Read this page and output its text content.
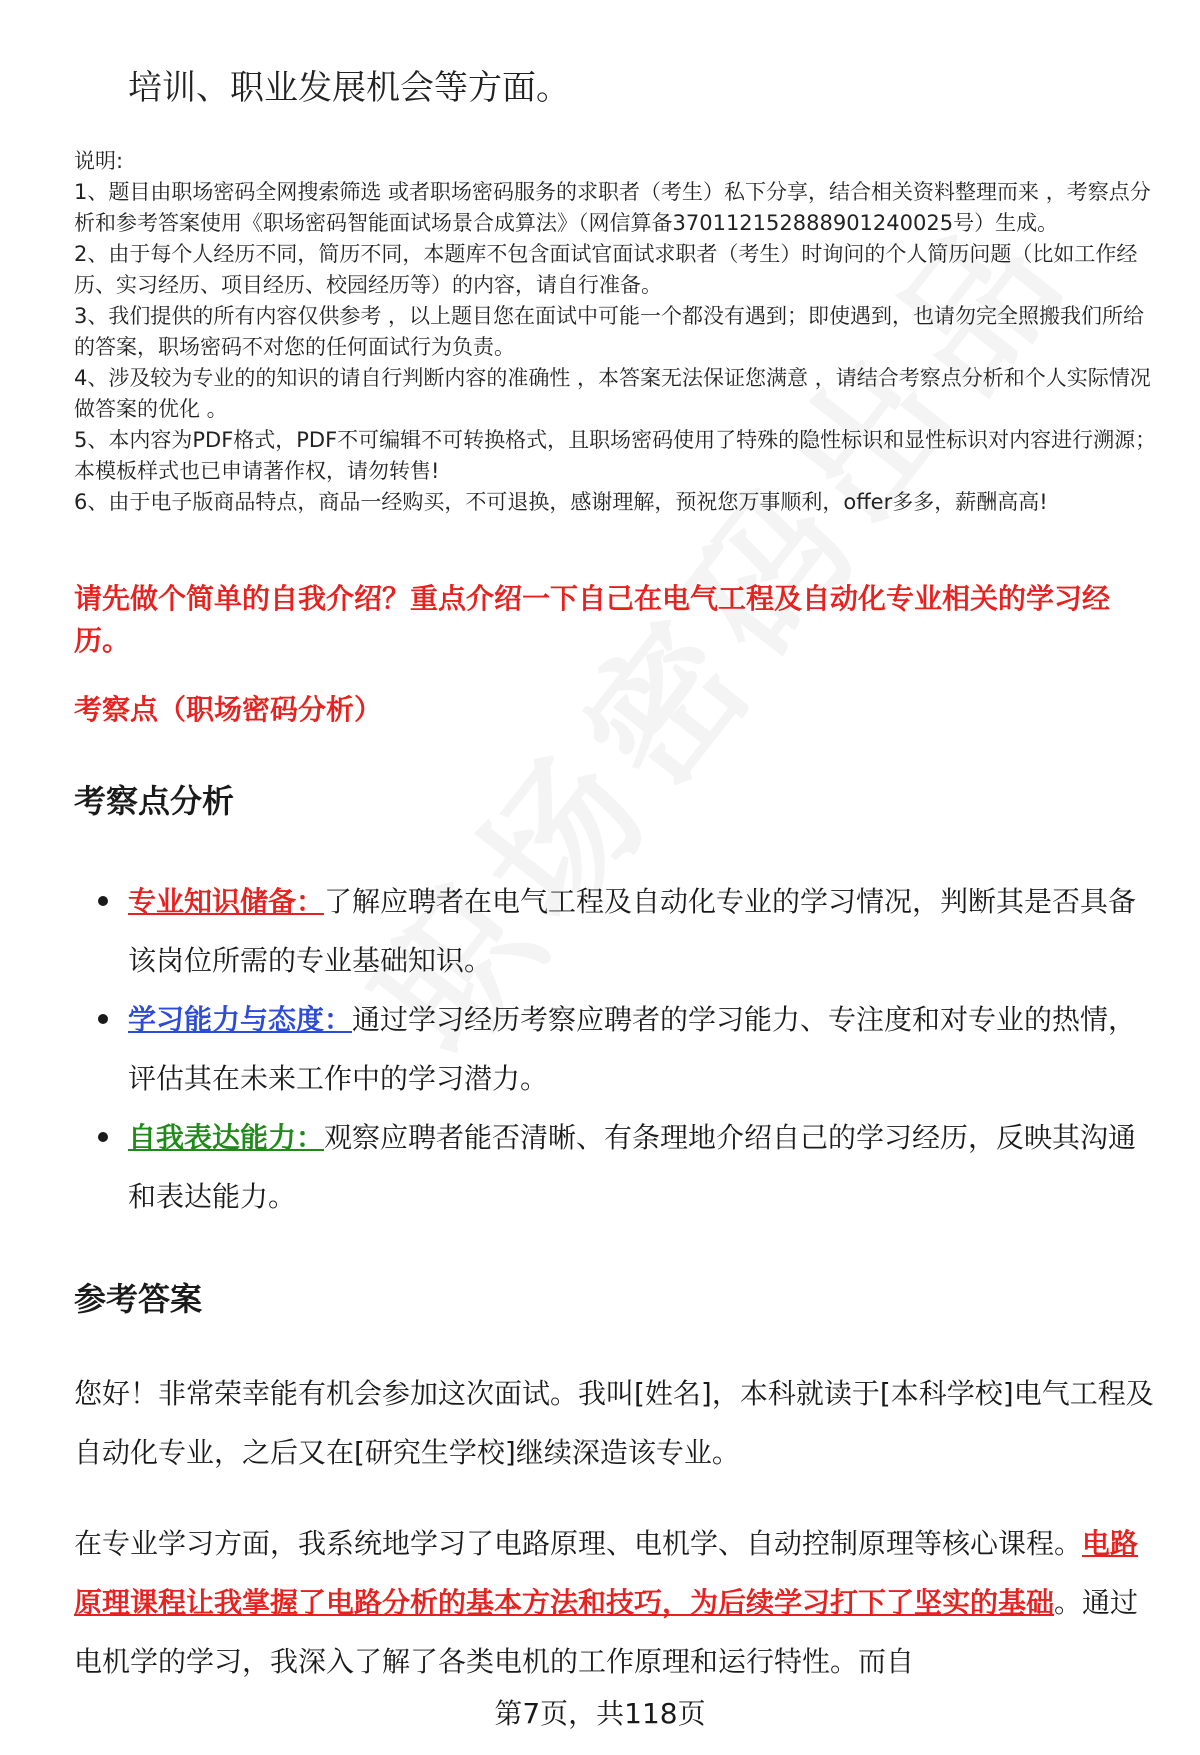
培训、职业发展机会等方面。

说明:

1、题目由职场密码全网搜索筛选 或者职场密码服务的求职者（考生）私下分享，结合相关资料整理而来 ，考察点分析和参考答案使用《职场密码智能面试场景合成算法》（网信算备370112152888901240025号）生成。

2、由于每个人经历不同，简历不同，本题库不包含面试官面试求职者（考生）时询问的个人简历问题（比如工作经历、实习经历、项目经历、校园经历等）的内容，请自行准备。

3、我们提供的所有内容仅供参考 ，以上题目您在面试中可能一个都没有遇到；即使遇到，也请勿完全照搬我们所给的答案，职场密码不对您的任何面试行为负责。

4、涉及较为专业的的知识的请自行判断内容的准确性 ，本答案无法保证您满意 ，请结合考察点分析和个人实际情况做答案的优化 。

5、本内容为PDF格式，PDF不可编辑不可转换格式，且职场密码使用了特殊的隐性标识和显性标识对内容进行溯源；本模板样式也已申请著作权，请勿转售!

6、由于电子版商品特点，商品一经购买，不可退换，感谢理解，预祝您万事顺利，offer多多，薪酬高高!

请先做个简单的自我介绍？重点介绍一下自己在电气工程及自动化专业相关的学习经历。
考察点（职场密码分析）
考察点分析
专业知识储备：了解应聘者在电气工程及自动化专业的学习情况，判断其是否具备该岗位所需的专业基础知识。
学习能力与态度：通过学习经历考察应聘者的学习能力、专注度和对专业的热情，评估其在未来工作中的学习潜力。
自我表达能力：观察应聘者能否清晰、有条理地介绍自己的学习经历，反映其沟通和表达能力。
参考答案
您好！非常荣幸能有机会参加这次面试。我叫[姓名]，本科就读于[本科学校]电气工程及自动化专业，之后又在[研究生学校]继续深造该专业。
在专业学习方面，我系统地学习了电路原理、电机学、自动控制原理等核心课程。电路原理课程让我掌握了电路分析的基本方法和技巧，为后续学习打下了坚实的基础。通过电机学的学习，我深入了解了各类电机的工作原理和运行特性。而自
第7页，共118页
